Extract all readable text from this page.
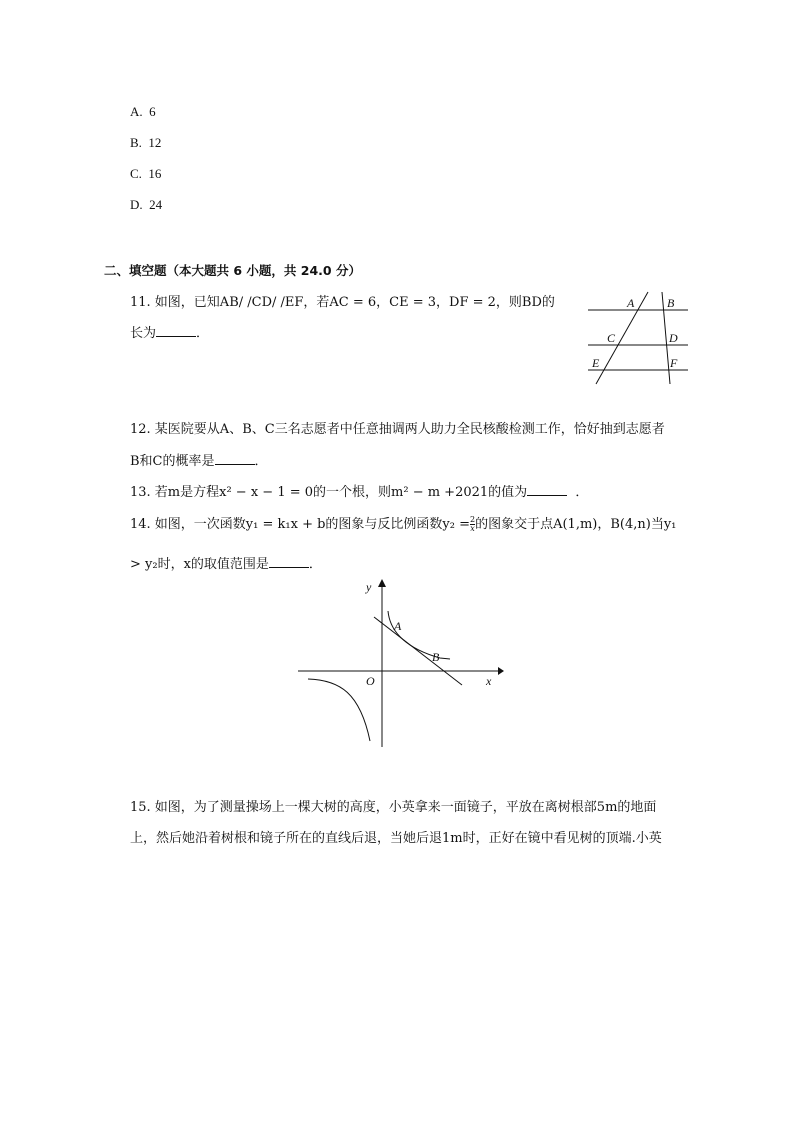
A. 6
B. 12
C. 16
D. 24
二、填空题（本大题共 6 小题，共 24.0 分）
11. 如图，已知AB/ /CD/ /EF，若AC = 6，CE = 3，DF = 2，则BD的
长为	．
A	B
C	D
E	F
12. 某医院要从A、B、C三名志愿者中任意抽调两人助力全民核酸检测工作，恰好抽到志愿者
B和C的概率是	．
13. 若m是方程x² − x − 1 = 0的一个根，则m² − m +2021的值为	．
14. 如图，一次函数y₁ = k₁x + b的图象与反比例函数$y_2 = \frac{2}{x}$ 的图象交于点A(1,m)，B(4,n)当y₁
> y₂时，x的取值范围是	．
y
x
O
A
B
15. 如图，为了测量操场上一棵大树的高度，小英拿来一面镜子，平放在离树根部5m的地面
上，然后她沿着树根和镜子所在的直线后退，当她后退1m时，正好在镜中看见树的顶端.小英
